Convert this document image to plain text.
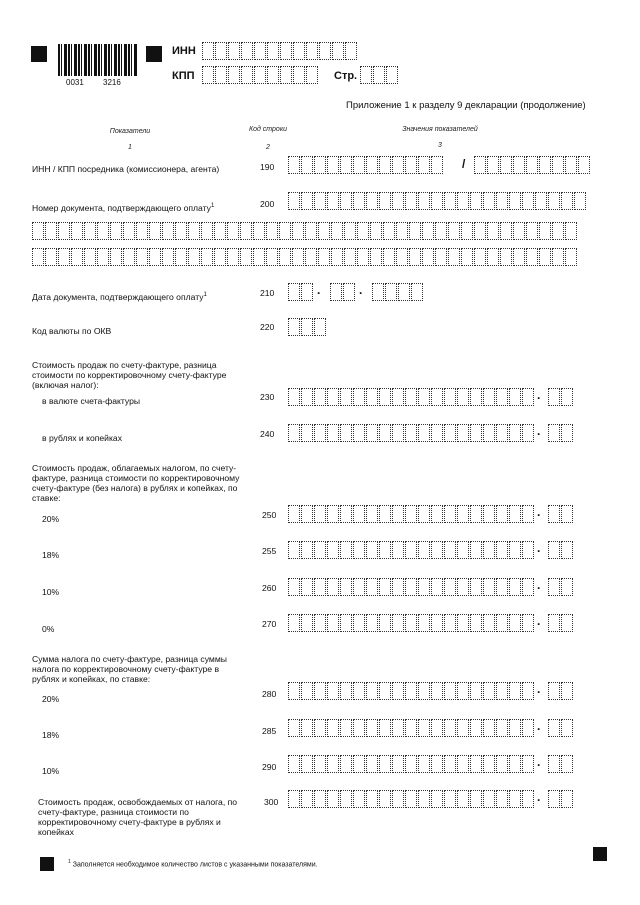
0031 3216
ИНН
КПП	Стр.
Приложение 1 к разделу 9 декларации (продолжение)
Показатели	Код строки	Значения показателей
1	2	3
ИНН / КПП посредника (комиссионера, агента)	190	/
Номер документа, подтверждающего оплату$^1$	200
Дата документа, подтверждающего оплату$^1$	210	.	.
Код валюты по ОКВ	220
Стоимость продаж по счету-фактуре, разница стоимости по корректировочному счету-фактуре (включая налог):
в валюте счета-фактуры	230	.
в рублях и копейках	240	.
Стоимость продаж, облагаемых налогом, по счету-фактуре, разница стоимости по корректировочному счету-фактуре (без налога) в рублях и копейках, по ставке:
20%	250	.
18%	255	.
10%	260	.
0%	270	.
Сумма налога по счету-фактуре, разница суммы налога по корректировочному счету-фактуре в рублях и копейках, по ставке:
20%	280	.
18%	285	.
10%	290	.
Стоимость продаж, освобождаемых от налога, по счету-фактуре, разница стоимости по корректировочному счету-фактуре в рублях и копейках
300	.
$^1$ Заполняется необходимое количество листов с указанными показателями.
